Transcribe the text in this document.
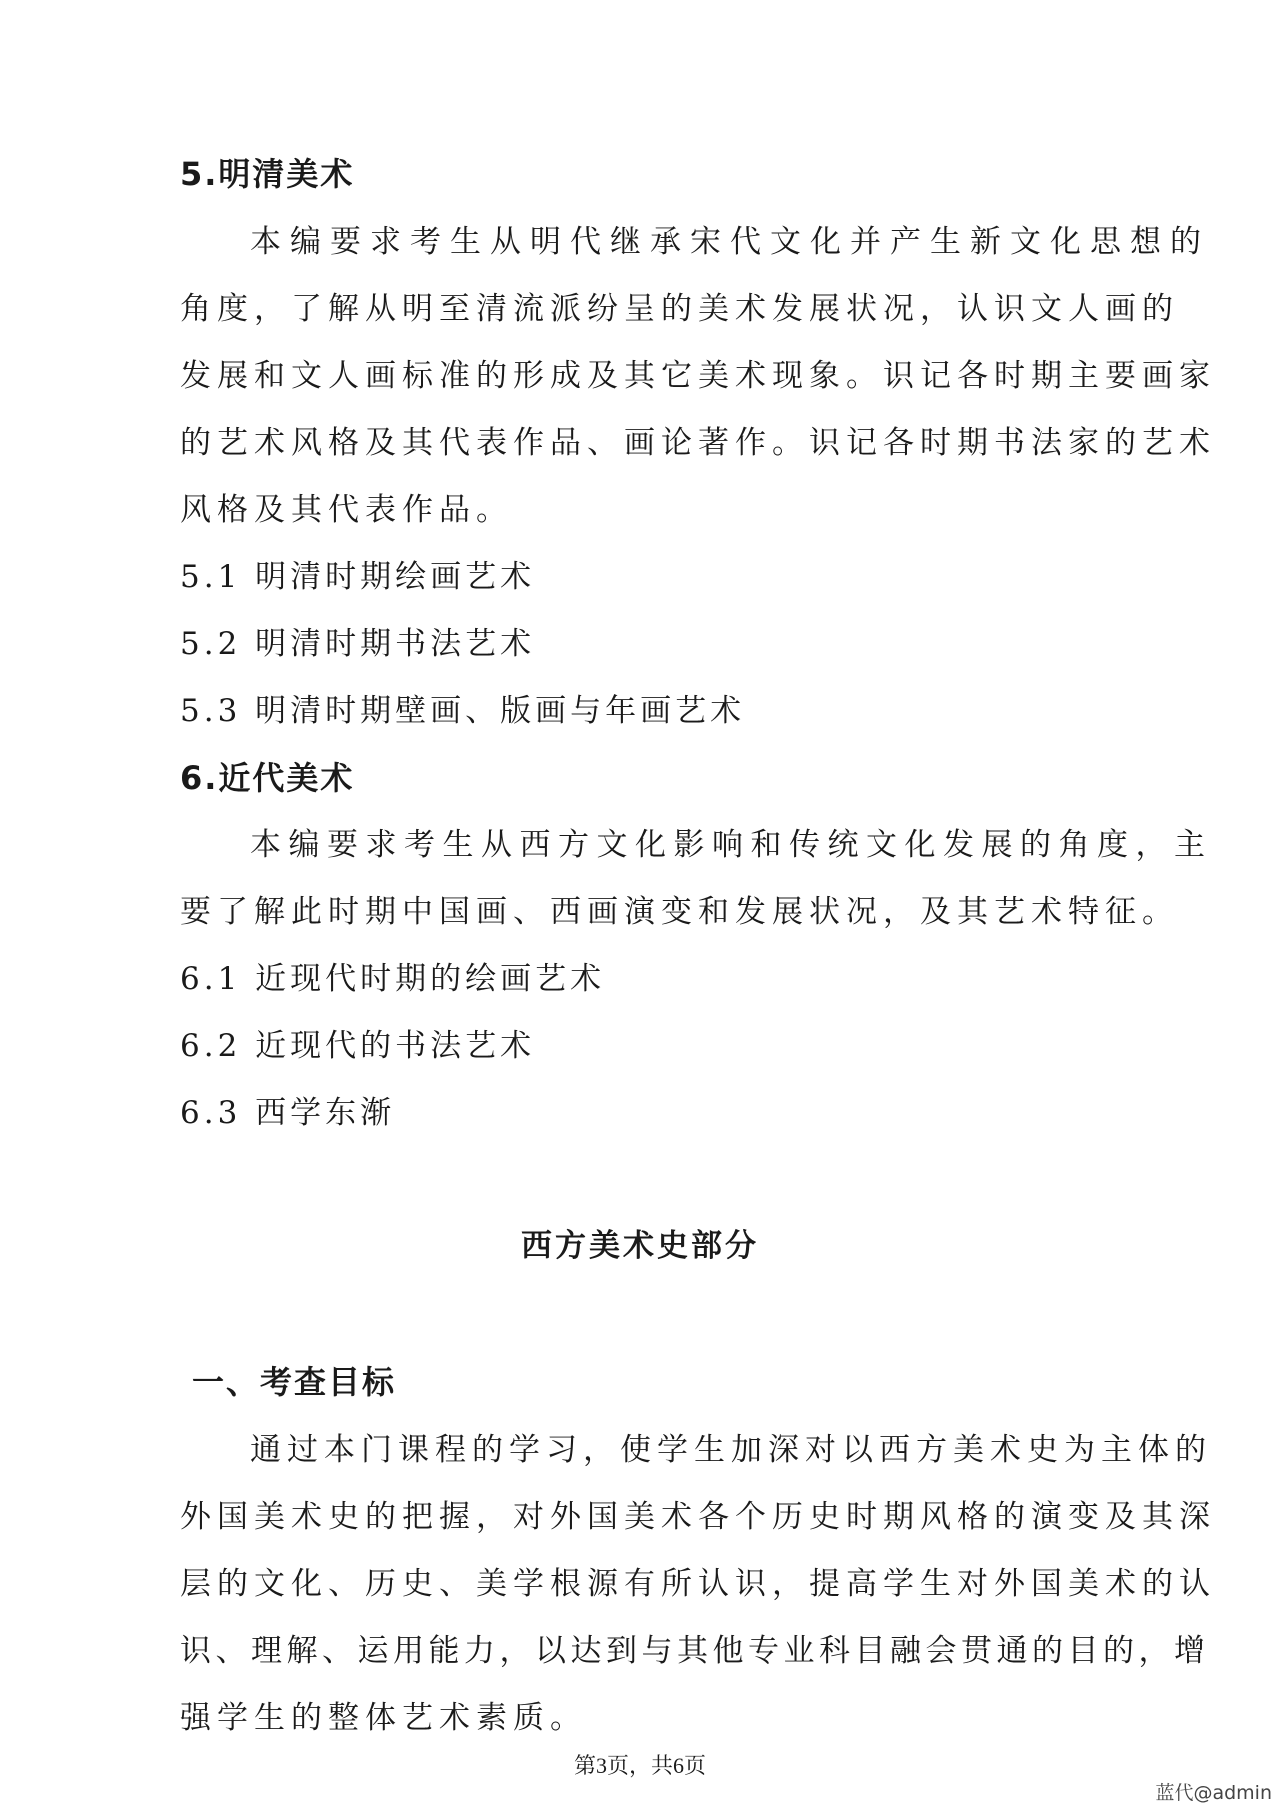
5.明清美术
本编要求考生从明代继承宋代文化并产生新文化思想的
角度，了解从明至清流派纷呈的美术发展状况，认识文人画的
发展和文人画标准的形成及其它美术现象。识记各时期主要画家
的艺术风格及其代表作品、画论著作。识记各时期书法家的艺术
风格及其代表作品。
5.1 明清时期绘画艺术
5.2 明清时期书法艺术
5.3 明清时期壁画、版画与年画艺术
6.近代美术
本编要求考生从西方文化影响和传统文化发展的角度，主
要了解此时期中国画、西画演变和发展状况，及其艺术特征。
6.1 近现代时期的绘画艺术
6.2 近现代的书法艺术
6.3 西学东渐
西方美术史部分
一、考查目标
通过本门课程的学习，使学生加深对以西方美术史为主体的
外国美术史的把握，对外国美术各个历史时期风格的演变及其深
层的文化、历史、美学根源有所认识，提高学生对外国美术的认
识、理解、运用能力，以达到与其他专业科目融会贯通的目的，增
强学生的整体艺术素质。
第3页，共6页
蓝代@admin
